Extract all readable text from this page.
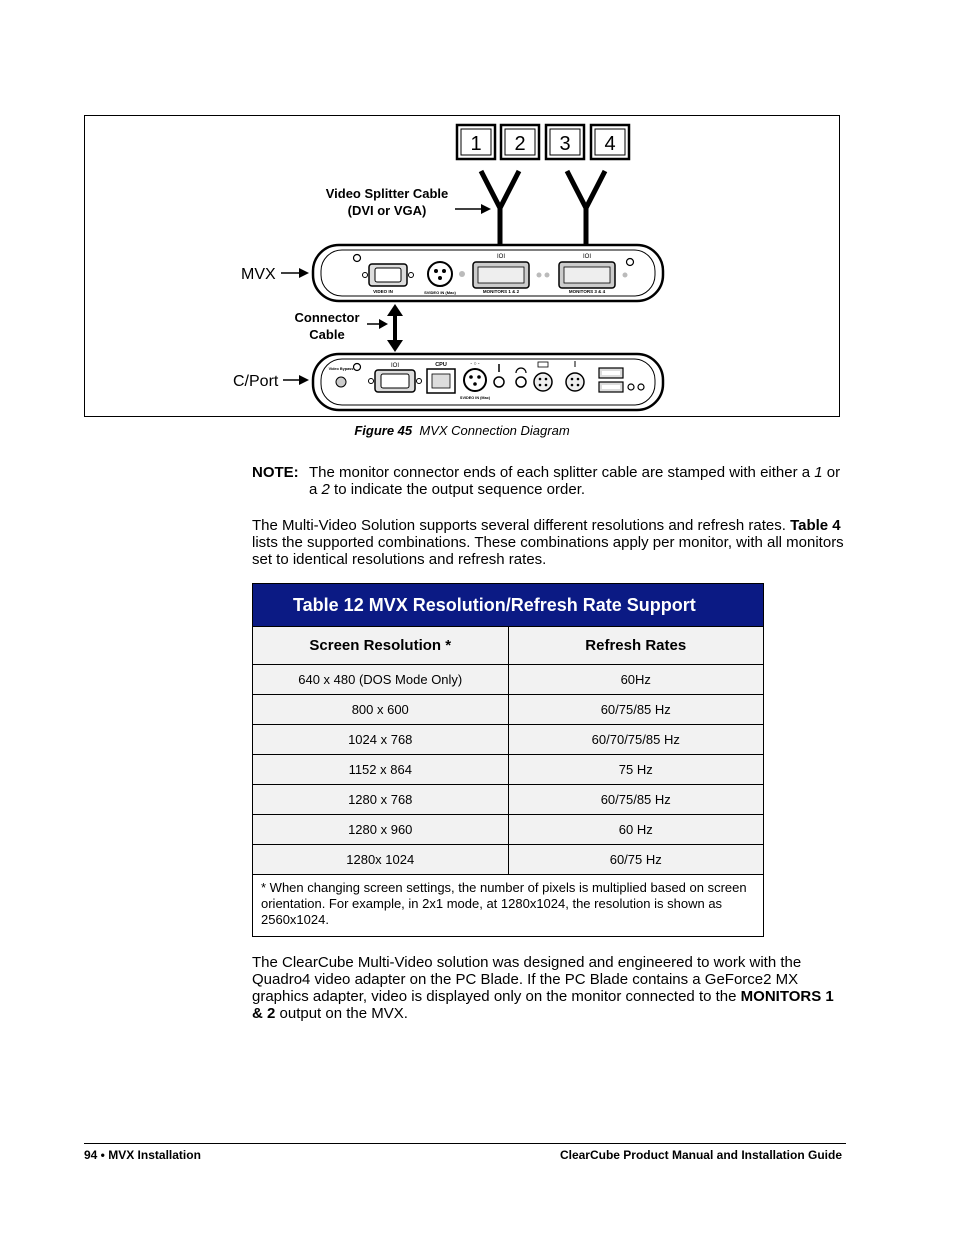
1 2 3 4
Video Splitter Cable
(DVI or VGA)
MVX
VIDEO IN	SVIDEO IN (Mac)
IOI
MONITORS 1 & 2
IOI
MONITORS 3 & 4
Connector
Cable
C/Port
Video Bypass	IOI	CPU	- ○ -
SVIDEO IN (Mac)
Figure 45 MVX Connection Diagram
NOTE: The monitor connector ends of each splitter cable are stamped with either a 1 or a 2 to indicate the output sequence order.
The Multi-Video Solution supports several different resolutions and refresh rates. Table 4 lists the supported combinations. These combinations apply per monitor, with all monitors set to identical resolutions and refresh rates.
Table 12 MVX Resolution/Refresh Rate Support	
Screen Resolution *	Refresh Rates
640 x 480 (DOS Mode Only)	60Hz
800 x 600	60/75/85 Hz
1024 x 768	60/70/75/85 Hz
1152 x 864	75 Hz
1280 x 768	60/75/85 Hz
1280 x 960	60 Hz
1280x 1024	60/75 Hz
* When changing screen settings, the number of pixels is multiplied based on screen orientation. For example, in 2x1 mode, at 1280x1024, the resolution is shown as 2560x1024.	
The ClearCube Multi-Video solution was designed and engineered to work with the Quadro4 video adapter on the PC Blade. If the PC Blade contains a GeForce2 MX graphics adapter, video is displayed only on the monitor connected to the MONITORS 1 & 2 output on the MVX.
94 • MVX Installation	ClearCube Product Manual and Installation Guide
